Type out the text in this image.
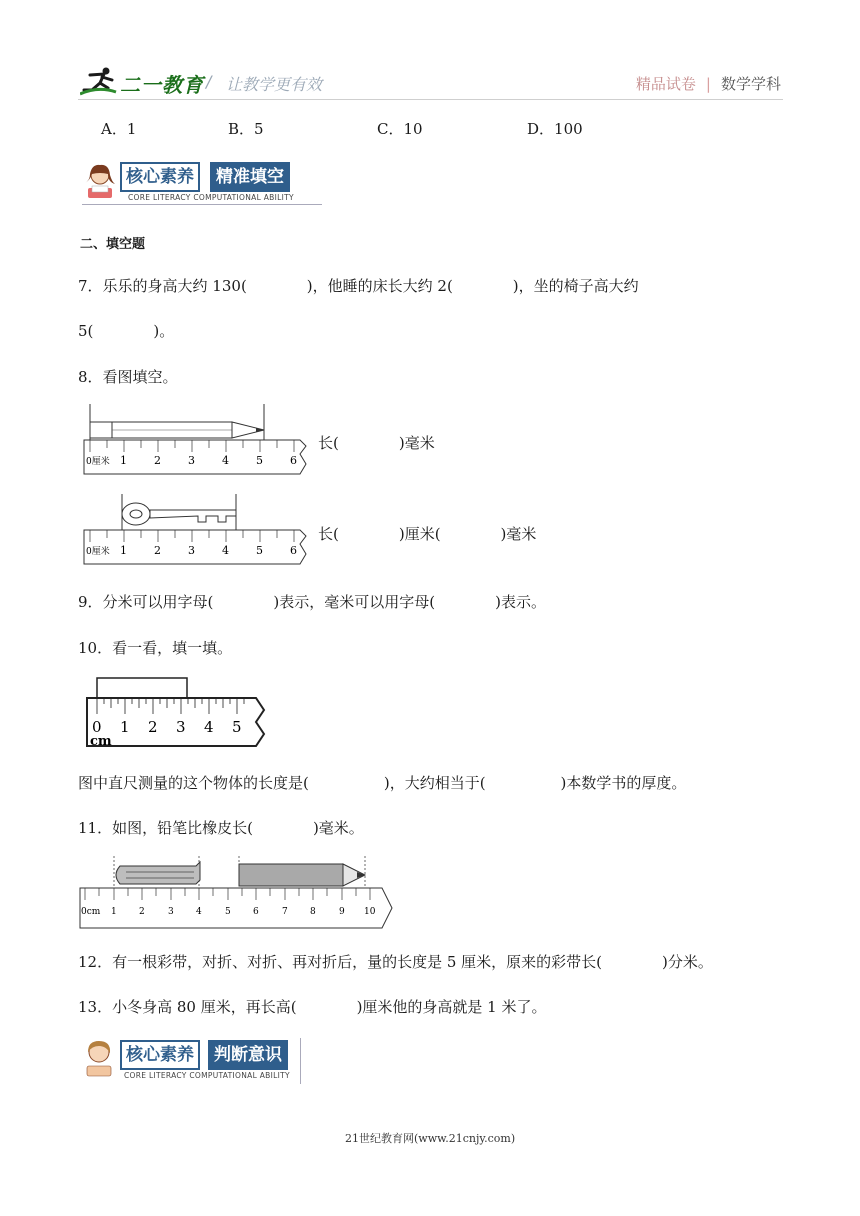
二一教育 / 让教学更有效	精品试卷 | 数学学科
A．1	B．5	C．10	D．100
核心素养	精准填空
CORE LITERACY COMPUTATIONAL ABILITY
二、填空题
7．乐乐的身高大约 130(　　　　)，他睡的床长大约 2(　　　　)，坐的椅子高大约
5(　　　　)。
8．看图填空。
0厘米 1 2 3 4 5 6
长(　　　　)毫米
0厘米 1 2 3 4 5 6
长(　　　　)厘米(　　　　)毫米
9．分米可以用字母(　　　　)表示，毫米可以用字母(　　　　)表示。
10．看一看，填一填。
0 1 2 3 4 5
cm
图中直尺测量的这个物体的长度是(　　　　　)，大约相当于(　　　　　)本数学书的厚度。
11．如图，铅笔比橡皮长(　　　　)毫米。
0cm 1 2	3 4	5 6	7 8	9 10
12．有一根彩带，对折、对折、再对折后，量的长度是 5 厘米，原来的彩带长(　　　　)分米。
13．小冬身高 80 厘米，再长高(　　　　)厘米他的身高就是 1 米了。
核心素养	判断意识
CORE LITERACY COMPUTATIONAL ABILITY
21世纪教育网(www.21cnjy.com)
